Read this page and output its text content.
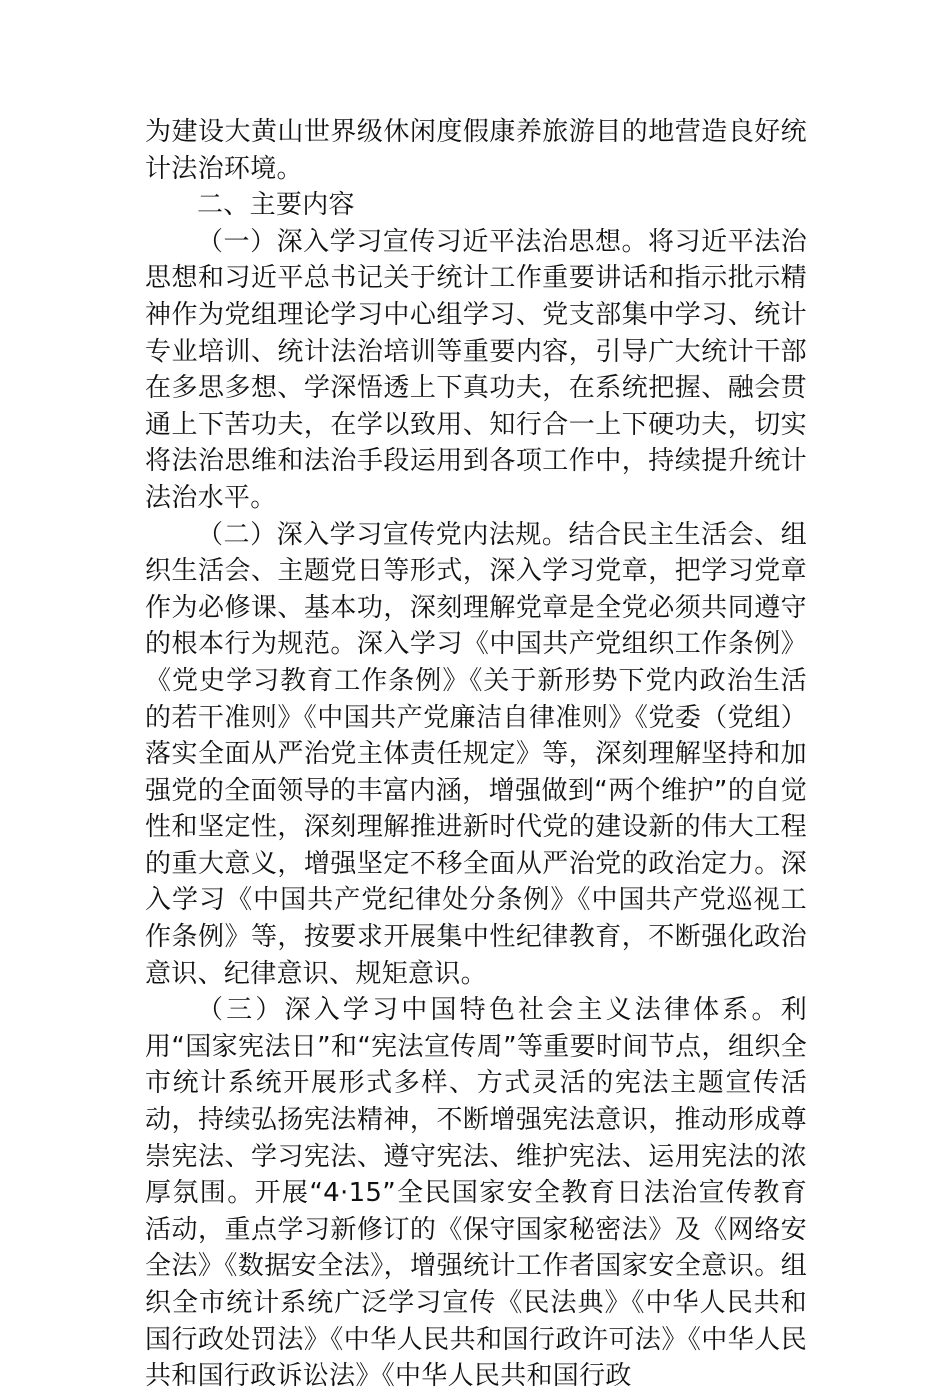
为建设大黄山世界级休闲度假康养旅游目的地营造良好统计法治环境。

二、主要内容

（一）深入学习宣传习近平法治思想。将习近平法治思想和习近平总书记关于统计工作重要讲话和指示批示精神作为党组理论学习中心组学习、党支部集中学习、统计专业培训、统计法治培训等重要内容，引导广大统计干部在多思多想、学深悟透上下真功夫，在系统把握、融会贯通上下苦功夫，在学以致用、知行合一上下硬功夫，切实将法治思维和法治手段运用到各项工作中，持续提升统计法治水平。

（二）深入学习宣传党内法规。结合民主生活会、组织生活会、主题党日等形式，深入学习党章，把学习党章作为必修课、基本功，深刻理解党章是全党必须共同遵守的根本行为规范。深入学习《中国共产党组织工作条例》《党史学习教育工作条例》《关于新形势下党内政治生活的若干准则》《中国共产党廉洁自律准则》《党委（党组）落实全面从严治党主体责任规定》等，深刻理解坚持和加强党的全面领导的丰富内涵，增强做到“两个维护”的自觉性和坚定性，深刻理解推进新时代党的建设新的伟大工程的重大意义，增强坚定不移全面从严治党的政治定力。深入学习《中国共产党纪律处分条例》《中国共产党巡视工作条例》等，按要求开展集中性纪律教育，不断强化政治意识、纪律意识、规矩意识。

（三）深入学习中国特色社会主义法律体系。利用“国家宪法日”和“宪法宣传周”等重要时间节点，组织全市统计系统开展形式多样、方式灵活的宪法主题宣传活动，持续弘扬宪法精神，不断增强宪法意识，推动形成尊崇宪法、学习宪法、遵守宪法、维护宪法、运用宪法的浓厚氛围。开展“4·15”全民国家安全教育日法治宣传教育活动，重点学习新修订的《保守国家秘密法》及《网络安全法》《数据安全法》，增强统计工作者国家安全意识。组织全市统计系统广泛学习宣传《民法典》《中华人民共和国行政处罚法》《中华人民共和国行政许可法》《中华人民共和国行政诉讼法》《中华人民共和国行政
